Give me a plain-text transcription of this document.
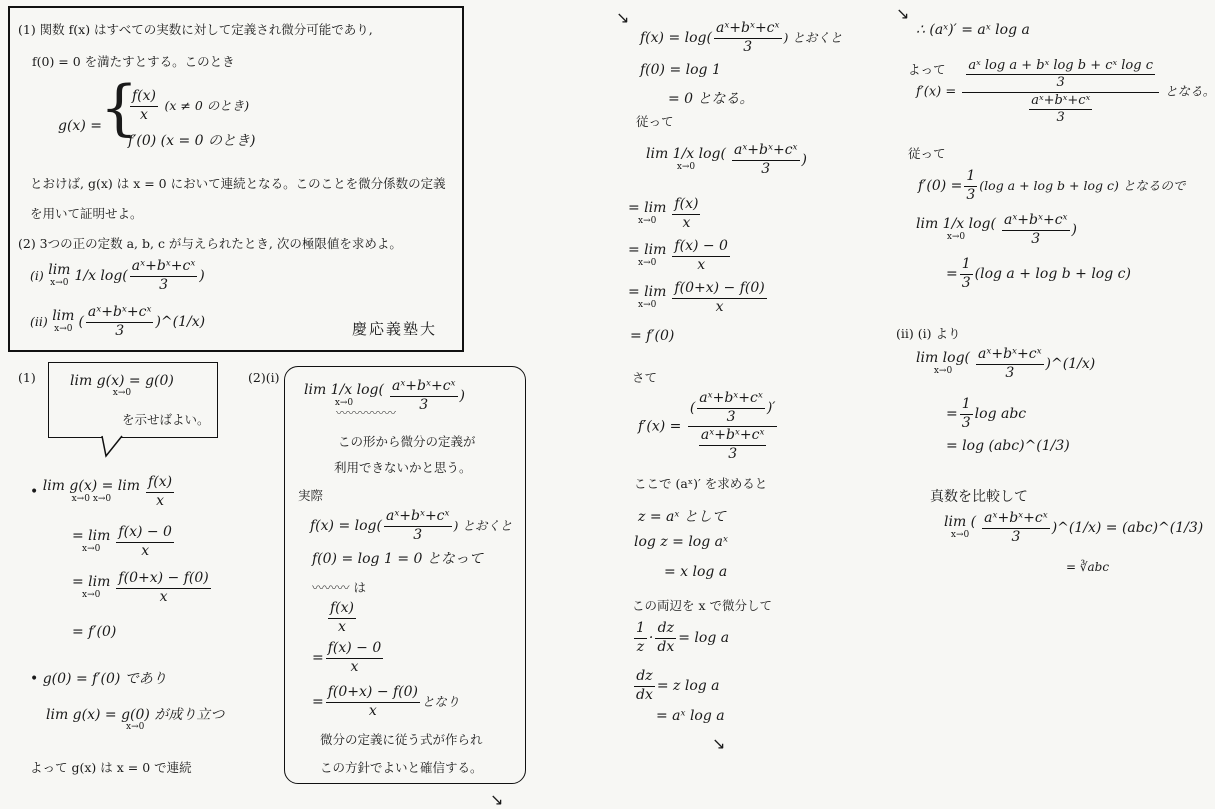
(1) 関数 f(x) はすべての実数に対して定義され微分可能であり,
f(0) = 0 を満たすとする。このとき
g(x) =
{
$\frac{f(x)}{x} (x \ne 0$ のとき)
f′(0) (x = 0 のとき)
とおけば, g(x) は x = 0 において連続となる。このことを微分係数の定義
を用いて証明せよ。
(2) 3つの正の定数 a, b, c が与えられたとき, 次の極限値を求めよ。
(i) lim
x→0 1/x $\log( \frac{\text{aˣ+bˣ+cˣ}}{3}$ )
(ii) lim
x→0 ( $\frac{\text{aˣ+bˣ+cˣ}}{3}$ )^(1/x)	慶応義塾大
(1) lim g(x) = g(0)
x→0
を示せばよい。
• lim g(x) = lim
x→0 x→0	$\frac{f(x)}{x}$
= lim
x→0	$\frac{f(x) - 0}{x}$
= lim
x→0	$\frac{f(0+x) - f(0)}{x}$
= f′(0)
• g(0) = f′(0) であり
lim g(x) = g(0) が成り立つ
x→0
よって g(x) は x = 0 で連続
(2)(i)
lim 1/x log(
x→0	$\frac{\text{aˣ+bˣ+cˣ}}{3}$ )
〰〰〰〰〰
この形から微分の定義が
利用できないかと思う。
実際
$f(x) = \log( \frac{\text{aˣ+bˣ+cˣ}}{3}$ ) とおくと
f(0) = log 1 = 0 となって
〰〰〰 は
$\frac{f(x)}{x}$
= $\frac{f(x) - 0}{x}$
= $\frac{f(0+x) - f(0)}{x}$ となり
微分の定義に従う式が作られ
この方針でよいと確信する。
↘
↘
$f(x) = \log( \frac{\text{aˣ+bˣ+cˣ}}{3}$ ) とおくと
f(0) = log 1
= 0 となる。
従って
lim 1/x log(
x→0	$\frac{\text{aˣ+bˣ+cˣ}}{3}$ )
= lim
x→0	$\frac{f(x)}{x}$
= lim
x→0	$\frac{f(x) - 0}{x}$
= lim
x→0	$\frac{f(0+x) - f(0)}{x}$
= f′(0)
さて
$f'(x) = \frac{( \frac{\text{aˣ+bˣ+cˣ}}{3} )'}{\frac{\text{aˣ+bˣ+cˣ}}{3}}$
ここで (aˣ)′ を求めると
z = aˣ として
log z = log aˣ
= x log a
この両辺を x で微分して
$\frac{1}{z} \cdot \frac{dz}{dx} = \log a$
$\frac{dz}{dx} = z$ log a
= aˣ log a
↘
↘
∴ (aˣ)′ = aˣ log a
よって
$f'(x) = \frac{\frac{\text{aˣ log a + bˣ log b + cˣ log c}}{3}}{\frac{\text{aˣ+bˣ+cˣ}}{3}}$ となる。
従って
$f'(0) = \frac{1}{3} (\log$ a + log b + log c) となるので
lim 1/x log(
x→0	$\frac{\text{aˣ+bˣ+cˣ}}{3}$ )
= $\frac{1}{3} (\log$ a + log b + log c)
(ii) (i) より
lim log(
x→0	$\frac{\text{aˣ+bˣ+cˣ}}{3}$ )^(1/x)
= $\frac{1}{3}$ log abc
= log (abc)^(1/3)
真数を比較して
lim (
$x\to 0 \frac{\text{aˣ+bˣ+cˣ}}{3}$ )^(1/x) = (abc)^(1/3)
= ∛abc
